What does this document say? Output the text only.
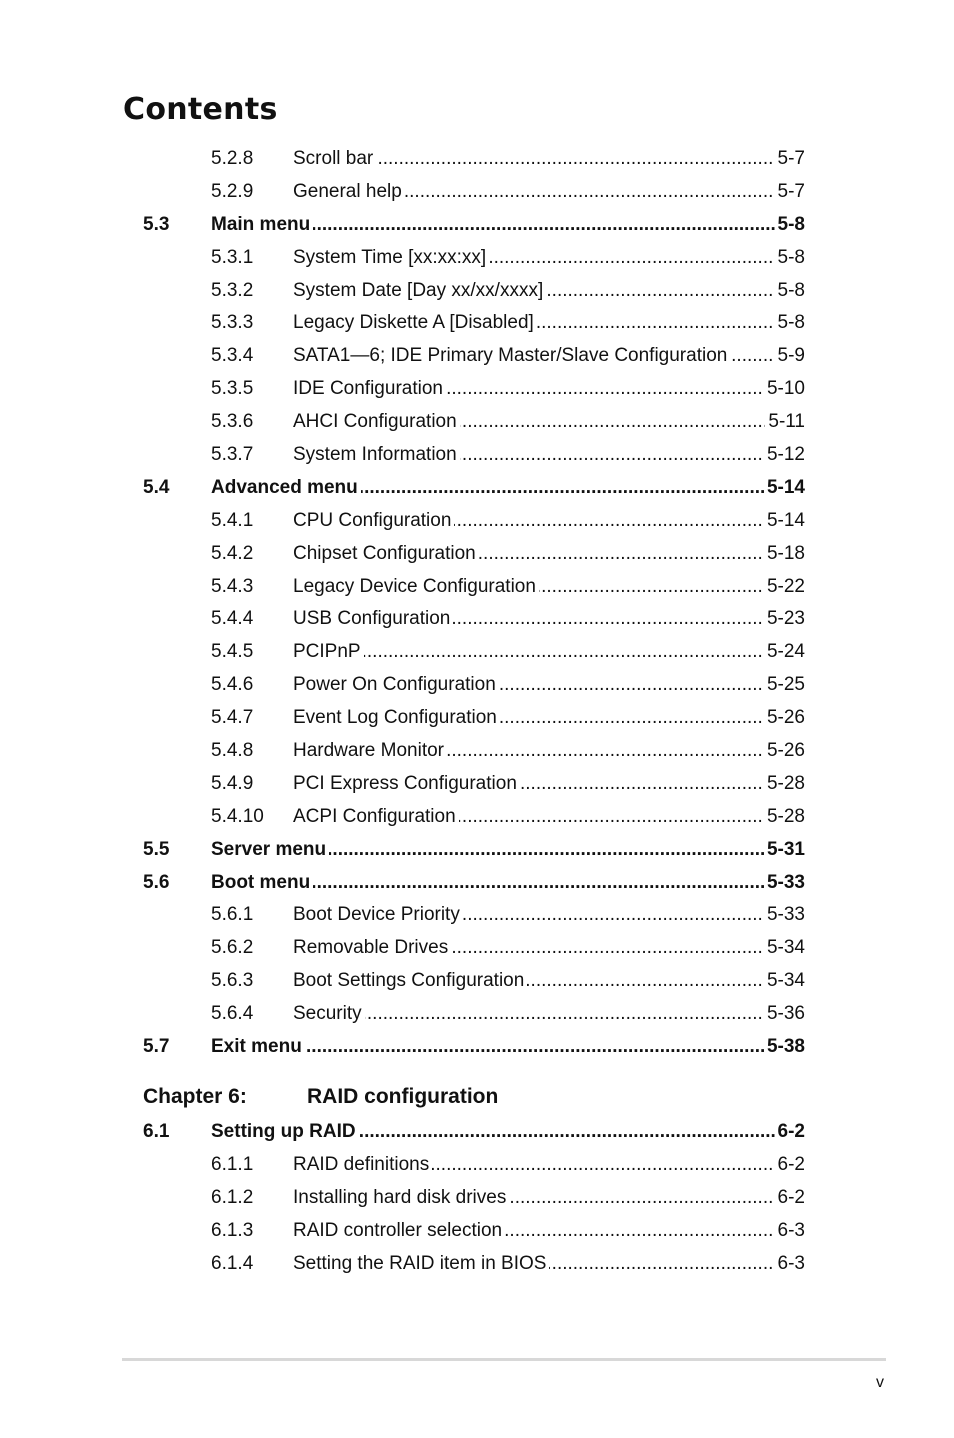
Contents
5.2.8 ..... Scroll bar	5-7
5.2.9 ..... General help	5-7
5.3 ..... Main menu	5-8
5.3.1 ..... System Time [xx:xx:xx]	5-8
5.3.2 ..... System Date [Day xx/xx/xxxx]	5-8
5.3.3 ..... Legacy Diskette A [Disabled]	5-8
5.3.4 ..... SATA1—6; IDE Primary Master/Slave Configuration	5-9
5.3.5 ..... IDE Configuration	5-10
5.3.6 ..... AHCI Configuration	5-11
5.3.7 ..... System Information	5-12
5.4 ..... Advanced menu	5-14
5.4.1 ..... CPU Configuration	5-14
5.4.2 ..... Chipset Configuration	5-18
5.4.3 ..... Legacy Device Configuration	5-22
5.4.4 ..... USB Configuration	5-23
5.4.5 ..... PCIPnP	5-24
5.4.6 ..... Power On Configuration	5-25
5.4.7 ..... Event Log Configuration	5-26
5.4.8 ..... Hardware Monitor	5-26
5.4.9 ..... PCI Express Configuration	5-28
5.4.10 ..... ACPI Configuration	5-28
5.5 ..... Server menu	5-31
5.6 ..... Boot menu	5-33
5.6.1 ..... Boot Device Priority	5-33
5.6.2 ..... Removable Drives	5-34
5.6.3 ..... Boot Settings Configuration	5-34
5.6.4 ..... Security	5-36
5.7 ..... Exit menu	5-38
Chapter 6:	RAID configuration
6.1 ..... Setting up RAID	6-2
6.1.1 ..... RAID definitions	6-2
6.1.2 ..... Installing hard disk drives	6-2
6.1.3 ..... RAID controller selection	6-3
6.1.4 ..... Setting the RAID item in BIOS	6-3
v
